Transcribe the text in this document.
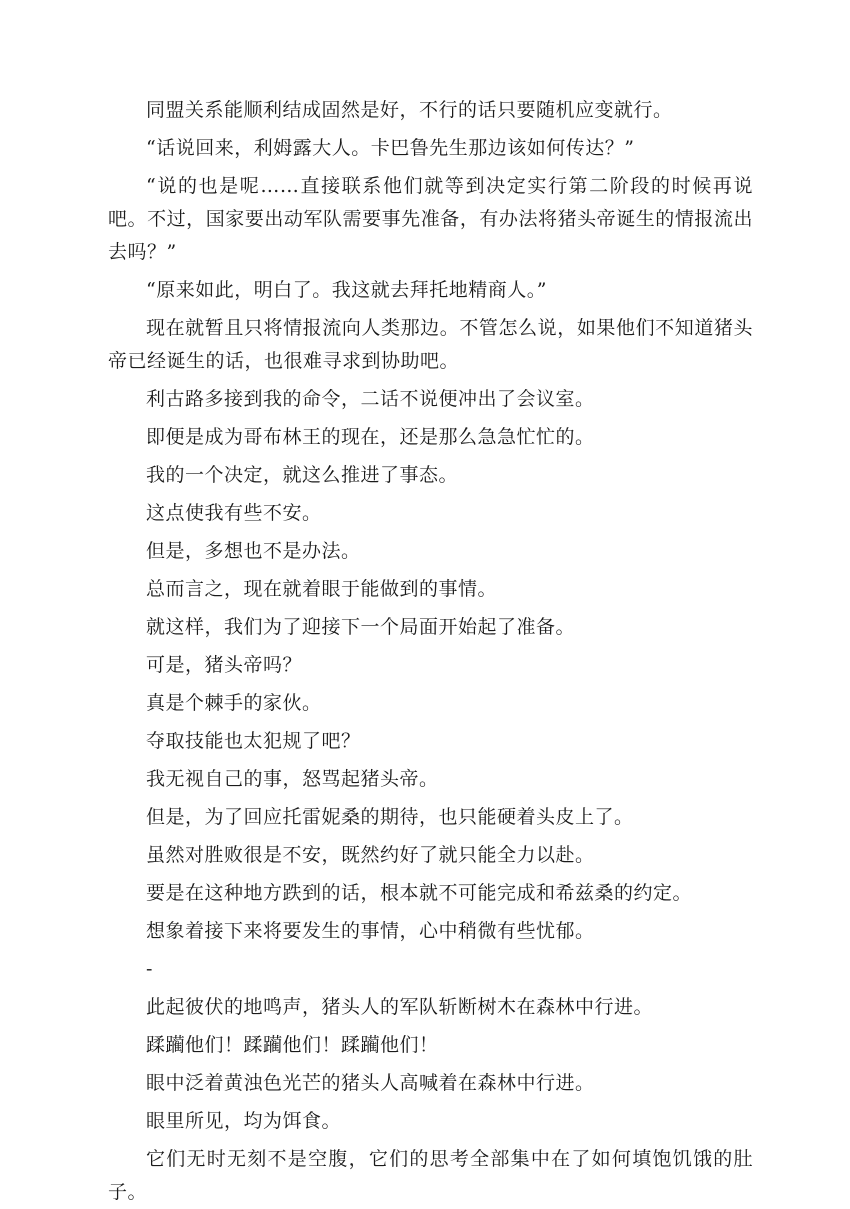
同盟关系能顺利结成固然是好，不行的话只要随机应变就行。

“话说回来，利姆露大人。卡巴鲁先生那边该如何传达？”

“说的也是呢……直接联系他们就等到决定实行第二阶段的时候再说吧。不过，国家要出动军队需要事先准备，有办法将猪头帝诞生的情报流出去吗？”

“原来如此，明白了。我这就去拜托地精商人。”

现在就暂且只将情报流向人类那边。不管怎么说，如果他们不知道猪头帝已经诞生的话，也很难寻求到协助吧。

利古路多接到我的命令，二话不说便冲出了会议室。

即便是成为哥布林王的现在，还是那么急急忙忙的。

我的一个决定，就这么推进了事态。

这点使我有些不安。

但是，多想也不是办法。

总而言之，现在就着眼于能做到的事情。

就这样，我们为了迎接下一个局面开始起了准备。

可是，猪头帝吗？

真是个棘手的家伙。

夺取技能也太犯规了吧？

我无视自己的事，怒骂起猪头帝。

但是，为了回应托雷妮桑的期待，也只能硬着头皮上了。

虽然对胜败很是不安，既然约好了就只能全力以赴。

要是在这种地方跌到的话，根本就不可能完成和希兹桑的约定。

想象着接下来将要发生的事情，心中稍微有些忧郁。

-

此起彼伏的地鸣声，猪头人的军队斩断树木在森林中行进。

蹂躏他们！蹂躏他们！蹂躏他们！

眼中泛着黄浊色光芒的猪头人高喊着在森林中行进。

眼里所见，均为饵食。

它们无时无刻不是空腹，它们的思考全部集中在了如何填饱饥饿的肚子。
